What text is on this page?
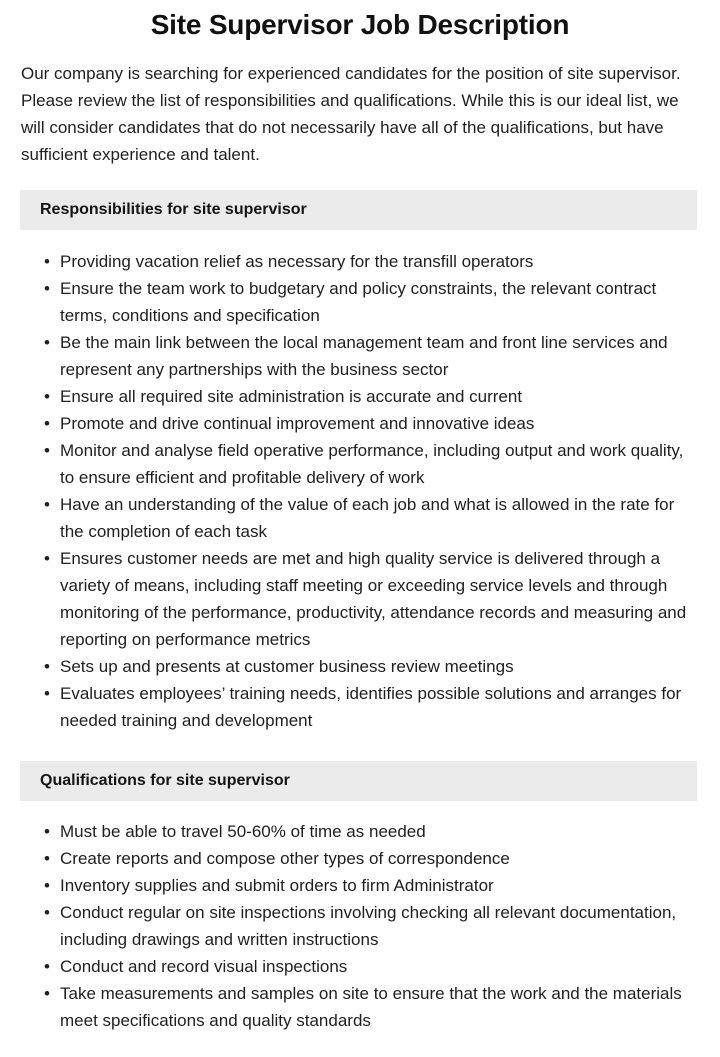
Site Supervisor Job Description

Our company is searching for experienced candidates for the position of site supervisor. Please review the list of responsibilities and qualifications. While this is our ideal list, we will consider candidates that do not necessarily have all of the qualifications, but have sufficient experience and talent.

Responsibilities for site supervisor
• Providing vacation relief as necessary for the transfill operators
• Ensure the team work to budgetary and policy constraints, the relevant contract terms, conditions and specification
• Be the main link between the local management team and front line services and represent any partnerships with the business sector
• Ensure all required site administration is accurate and current
• Promote and drive continual improvement and innovative ideas
• Monitor and analyse field operative performance, including output and work quality, to ensure efficient and profitable delivery of work
• Have an understanding of the value of each job and what is allowed in the rate for the completion of each task
• Ensures customer needs are met and high quality service is delivered through a variety of means, including staff meeting or exceeding service levels and through monitoring of the performance, productivity, attendance records and measuring and reporting on performance metrics
• Sets up and presents at customer business review meetings
• Evaluates employees’ training needs, identifies possible solutions and arranges for needed training and development
Qualifications for site supervisor
• Must be able to travel 50-60% of time as needed
• Create reports and compose other types of correspondence
• Inventory supplies and submit orders to firm Administrator
• Conduct regular on site inspections involving checking all relevant documentation, including drawings and written instructions
• Conduct and record visual inspections
• Take measurements and samples on site to ensure that the work and the materials meet specifications and quality standards
